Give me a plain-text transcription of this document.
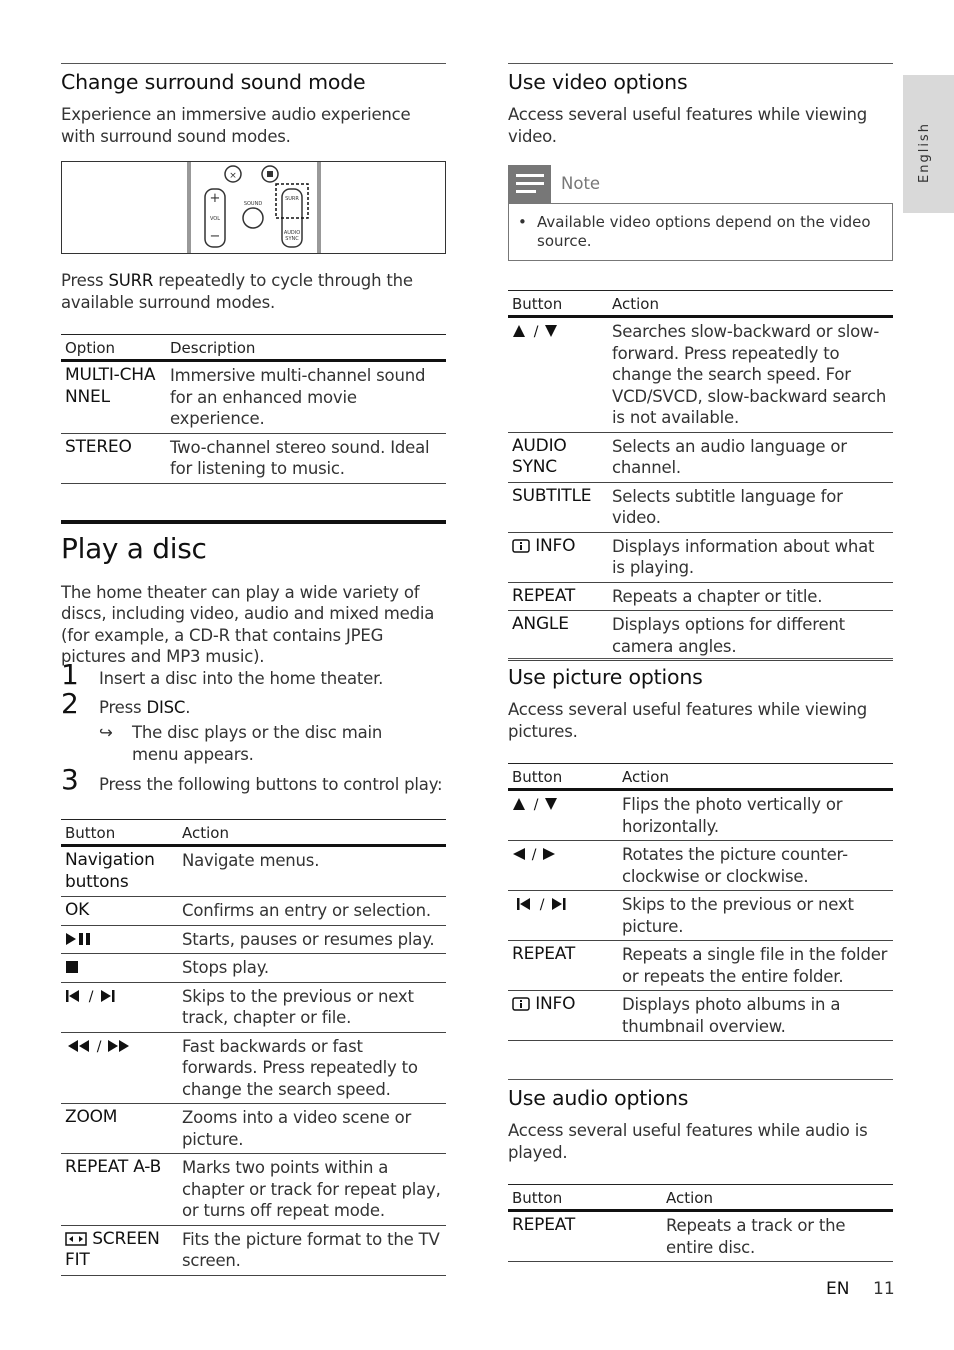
English
Change surround sound mode
Experience an immersive audio experience with surround sound modes.
×
+
VOL
−
SOUND
SURR
AUDIO
SYNC
Press SURR repeatedly to cycle through the available surround modes.
Option	Description
MULTI-CHANNEL	Immersive multi-channel sound for an enhanced movie experience.
STEREO	Two-channel stereo sound. Ideal for listening to music.
Play a disc
The home theater can play a wide variety of discs, including video, audio and mixed media (for example, a CD-R that contains JPEG pictures and MP3 music).
1 Insert a disc into the home theater.
2 Press DISC.
↪	The disc plays or the disc main menu appears.
3 Press the following buttons to control play:
Button	Action
Navigation buttons	Navigate menus.
OK	Confirms an entry or selection.
	Starts, pauses or resumes play.
	Stops play.

/	Skips to the previous or next track, chapter or file.

/	Fast backwards or fast forwards. Press repeatedly to change the search speed.
ZOOM	Zooms into a video scene or picture.
REPEAT A-B	Marks two points within a chapter or track for repeat play, or turns off repeat mode.
SCREEN FIT	Fits the picture format to the TV screen.
Use video options
Access several useful features while viewing video.
Note
• Available video options depend on the video source.
Button	Action

/	Searches slow-backward or slow-forward. Press repeatedly to change the search speed. For VCD/SVCD, slow-backward search is not available.
AUDIO SYNC	Selects an audio language or channel.
SUBTITLE	Selects subtitle language for video.
INFO	Displays information about what is playing.
REPEAT	Repeats a chapter or title.
ANGLE	Displays options for different camera angles.
Use picture options
Access several useful features while viewing pictures.
Button	Action

/	Flips the photo vertically or horizontally.

/	Rotates the picture counter-clockwise or clockwise.

/	Skips to the previous or next picture.
REPEAT	Repeats a single file in the folder or repeats the entire folder.
INFO	Displays photo albums in a thumbnail overview.
Use audio options
Access several useful features while audio is played.
Button	Action
REPEAT	Repeats a track or the entire disc.
EN 11
